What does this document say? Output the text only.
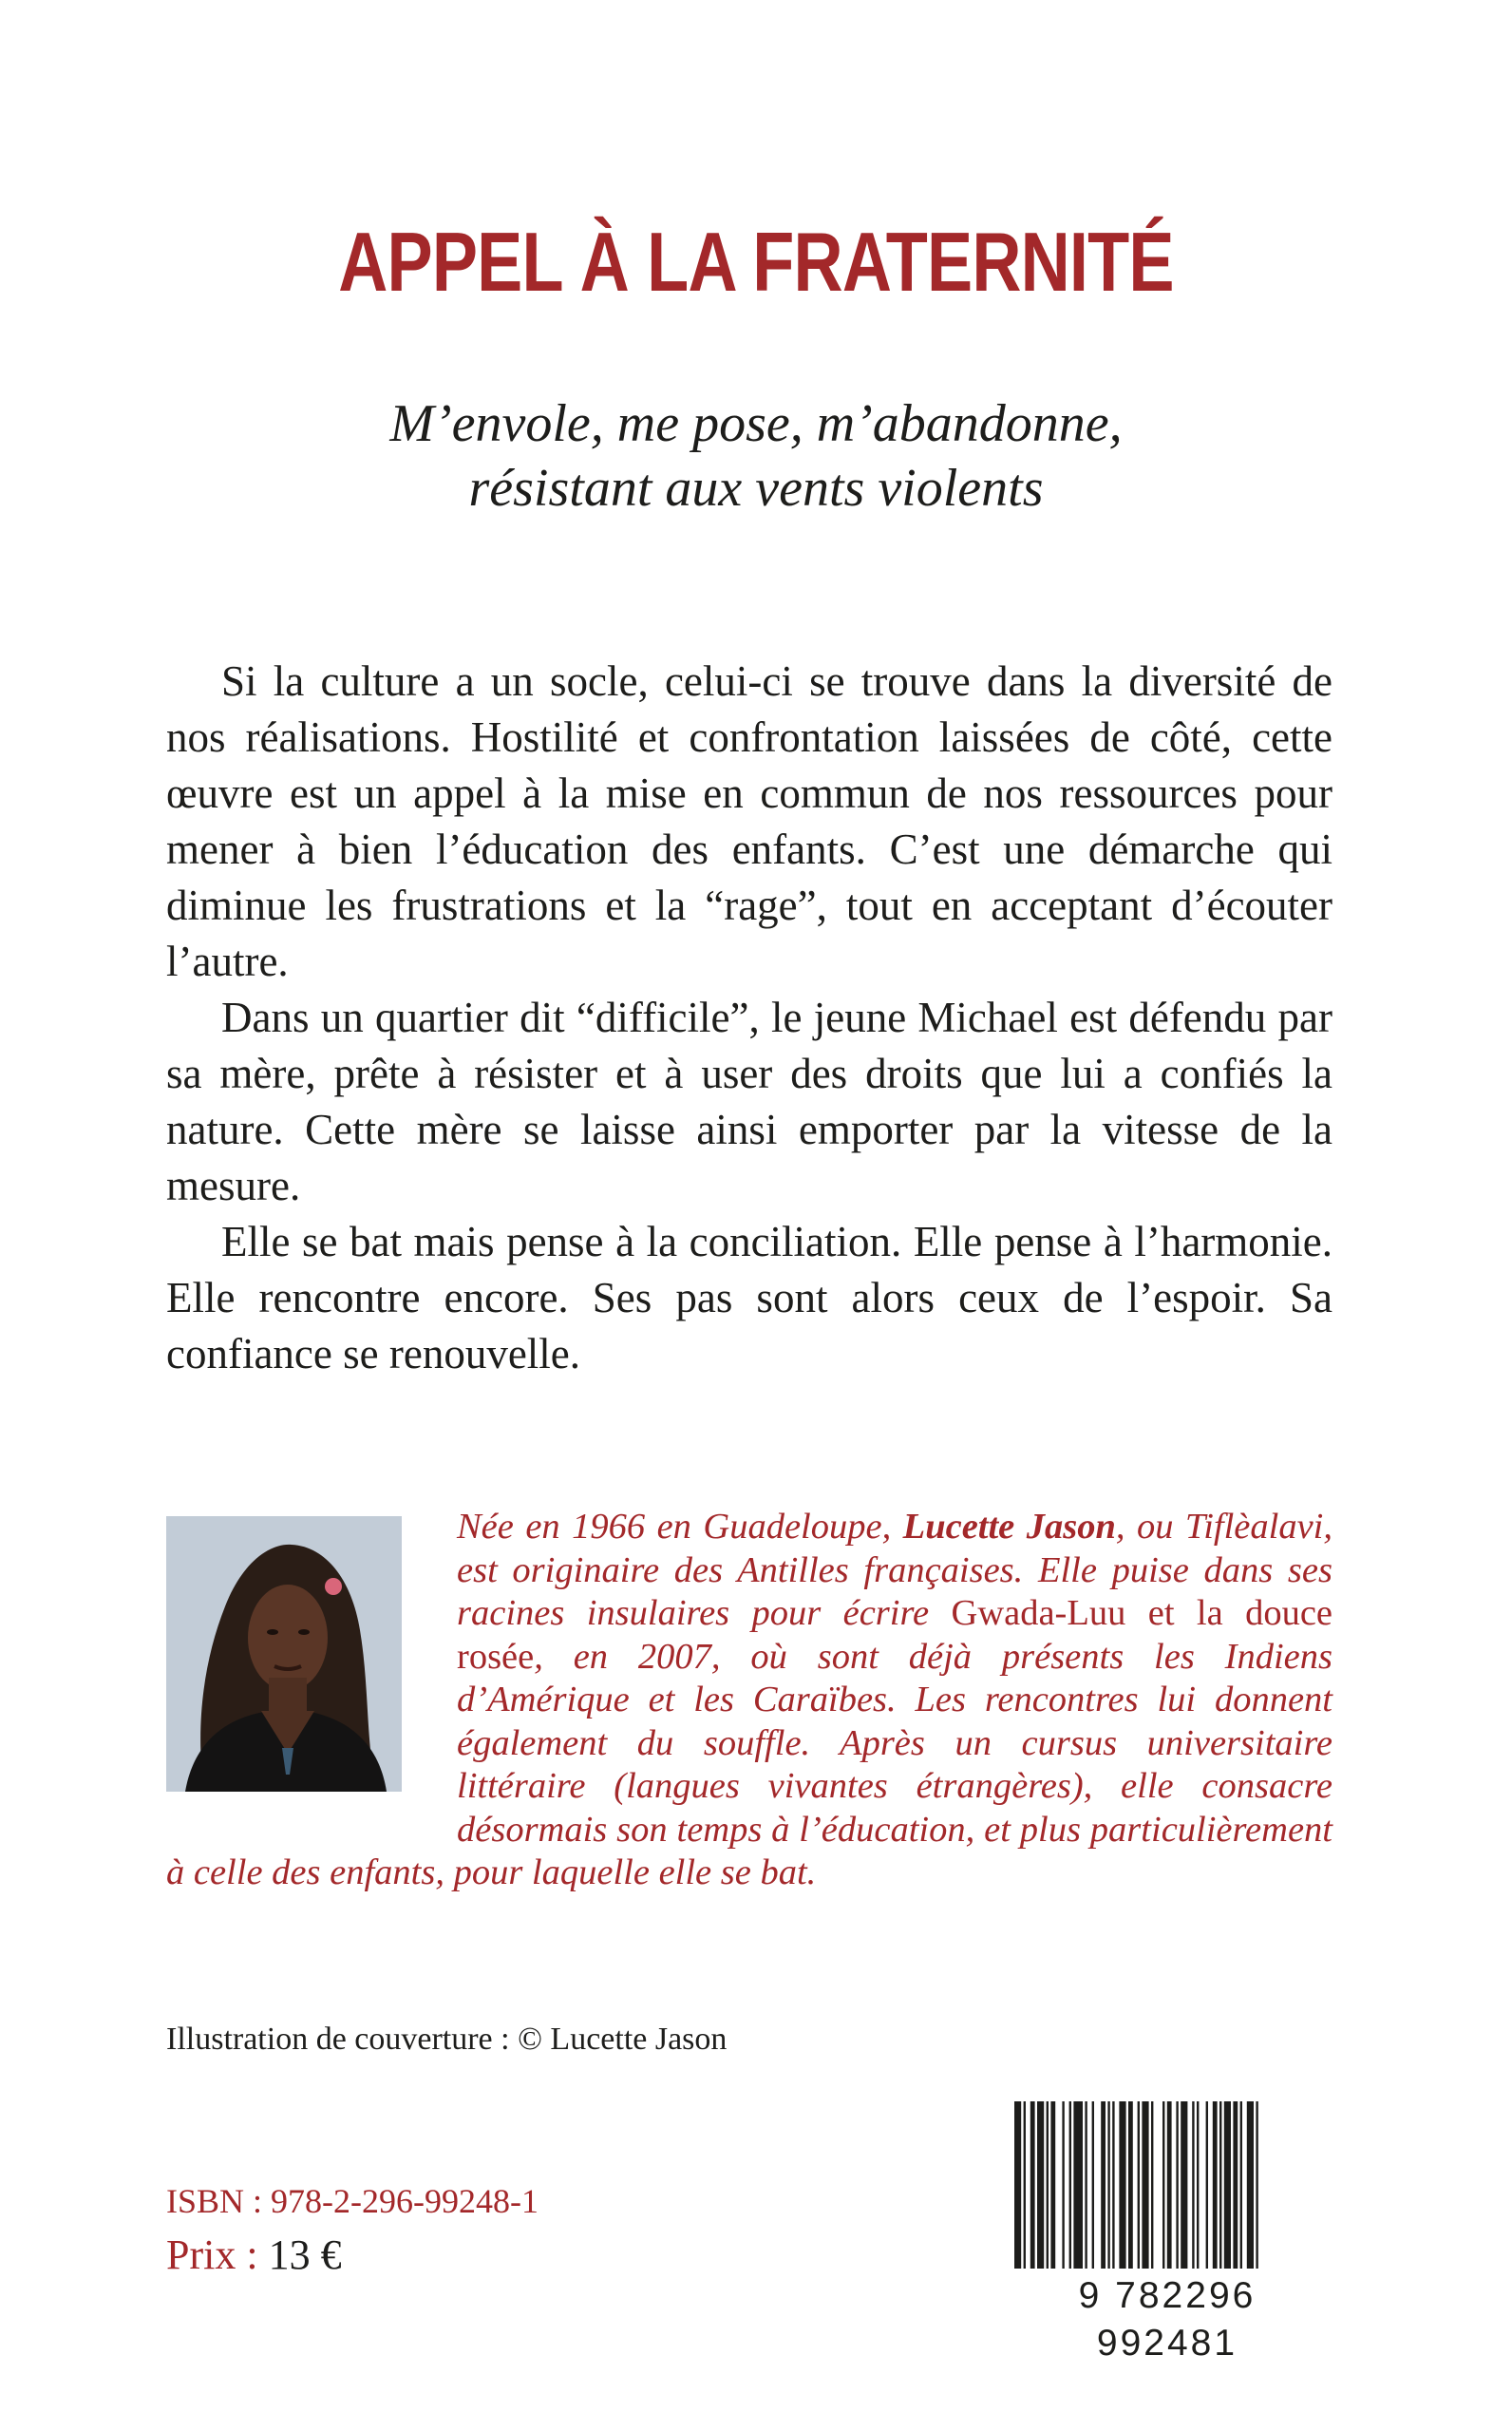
APPEL À LA FRATERNITÉ
M’envole, me pose, m’abandonne,
résistant aux vents violents

Si la culture a un socle, celui-ci se trouve dans la diversité de nos réalisations. Hostilité et confrontation laissées de côté, cette œuvre est un appel à la mise en commun de nos ressources pour mener à bien l’éducation des enfants. C’est une démarche qui diminue les frustrations et la “rage”, tout en acceptant d’écouter l’autre.

Dans un quartier dit “difficile”, le jeune Michael est défendu par sa mère, prête à résister et à user des droits que lui a confiés la nature. Cette mère se laisse ainsi emporter par la vitesse de la mesure.

Elle se bat mais pense à la conciliation. Elle pense à l’harmonie. Elle rencontre encore. Ses pas sont alors ceux de l’espoir. Sa confiance se renouvelle.

Née en 1966 en Guadeloupe, Lucette Jason, ou Tiflèalavi, est originaire des Antilles françaises. Elle puise dans ses racines insulaires pour écrire Gwada-Luu et la douce rosée, en 2007, où sont déjà présents les Indiens d’Amérique et les Caraïbes. Les rencontres lui donnent également du souffle. Après un cursus universitaire littéraire (langues vivantes étrangères), elle consacre désormais son temps à l’éducation, et plus particulièrement à celle des enfants, pour laquelle elle se bat.
Illustration de couverture : © Lucette Jason
ISBN : 978-2-296-99248-1
Prix : 13 €
9 782296 992481
